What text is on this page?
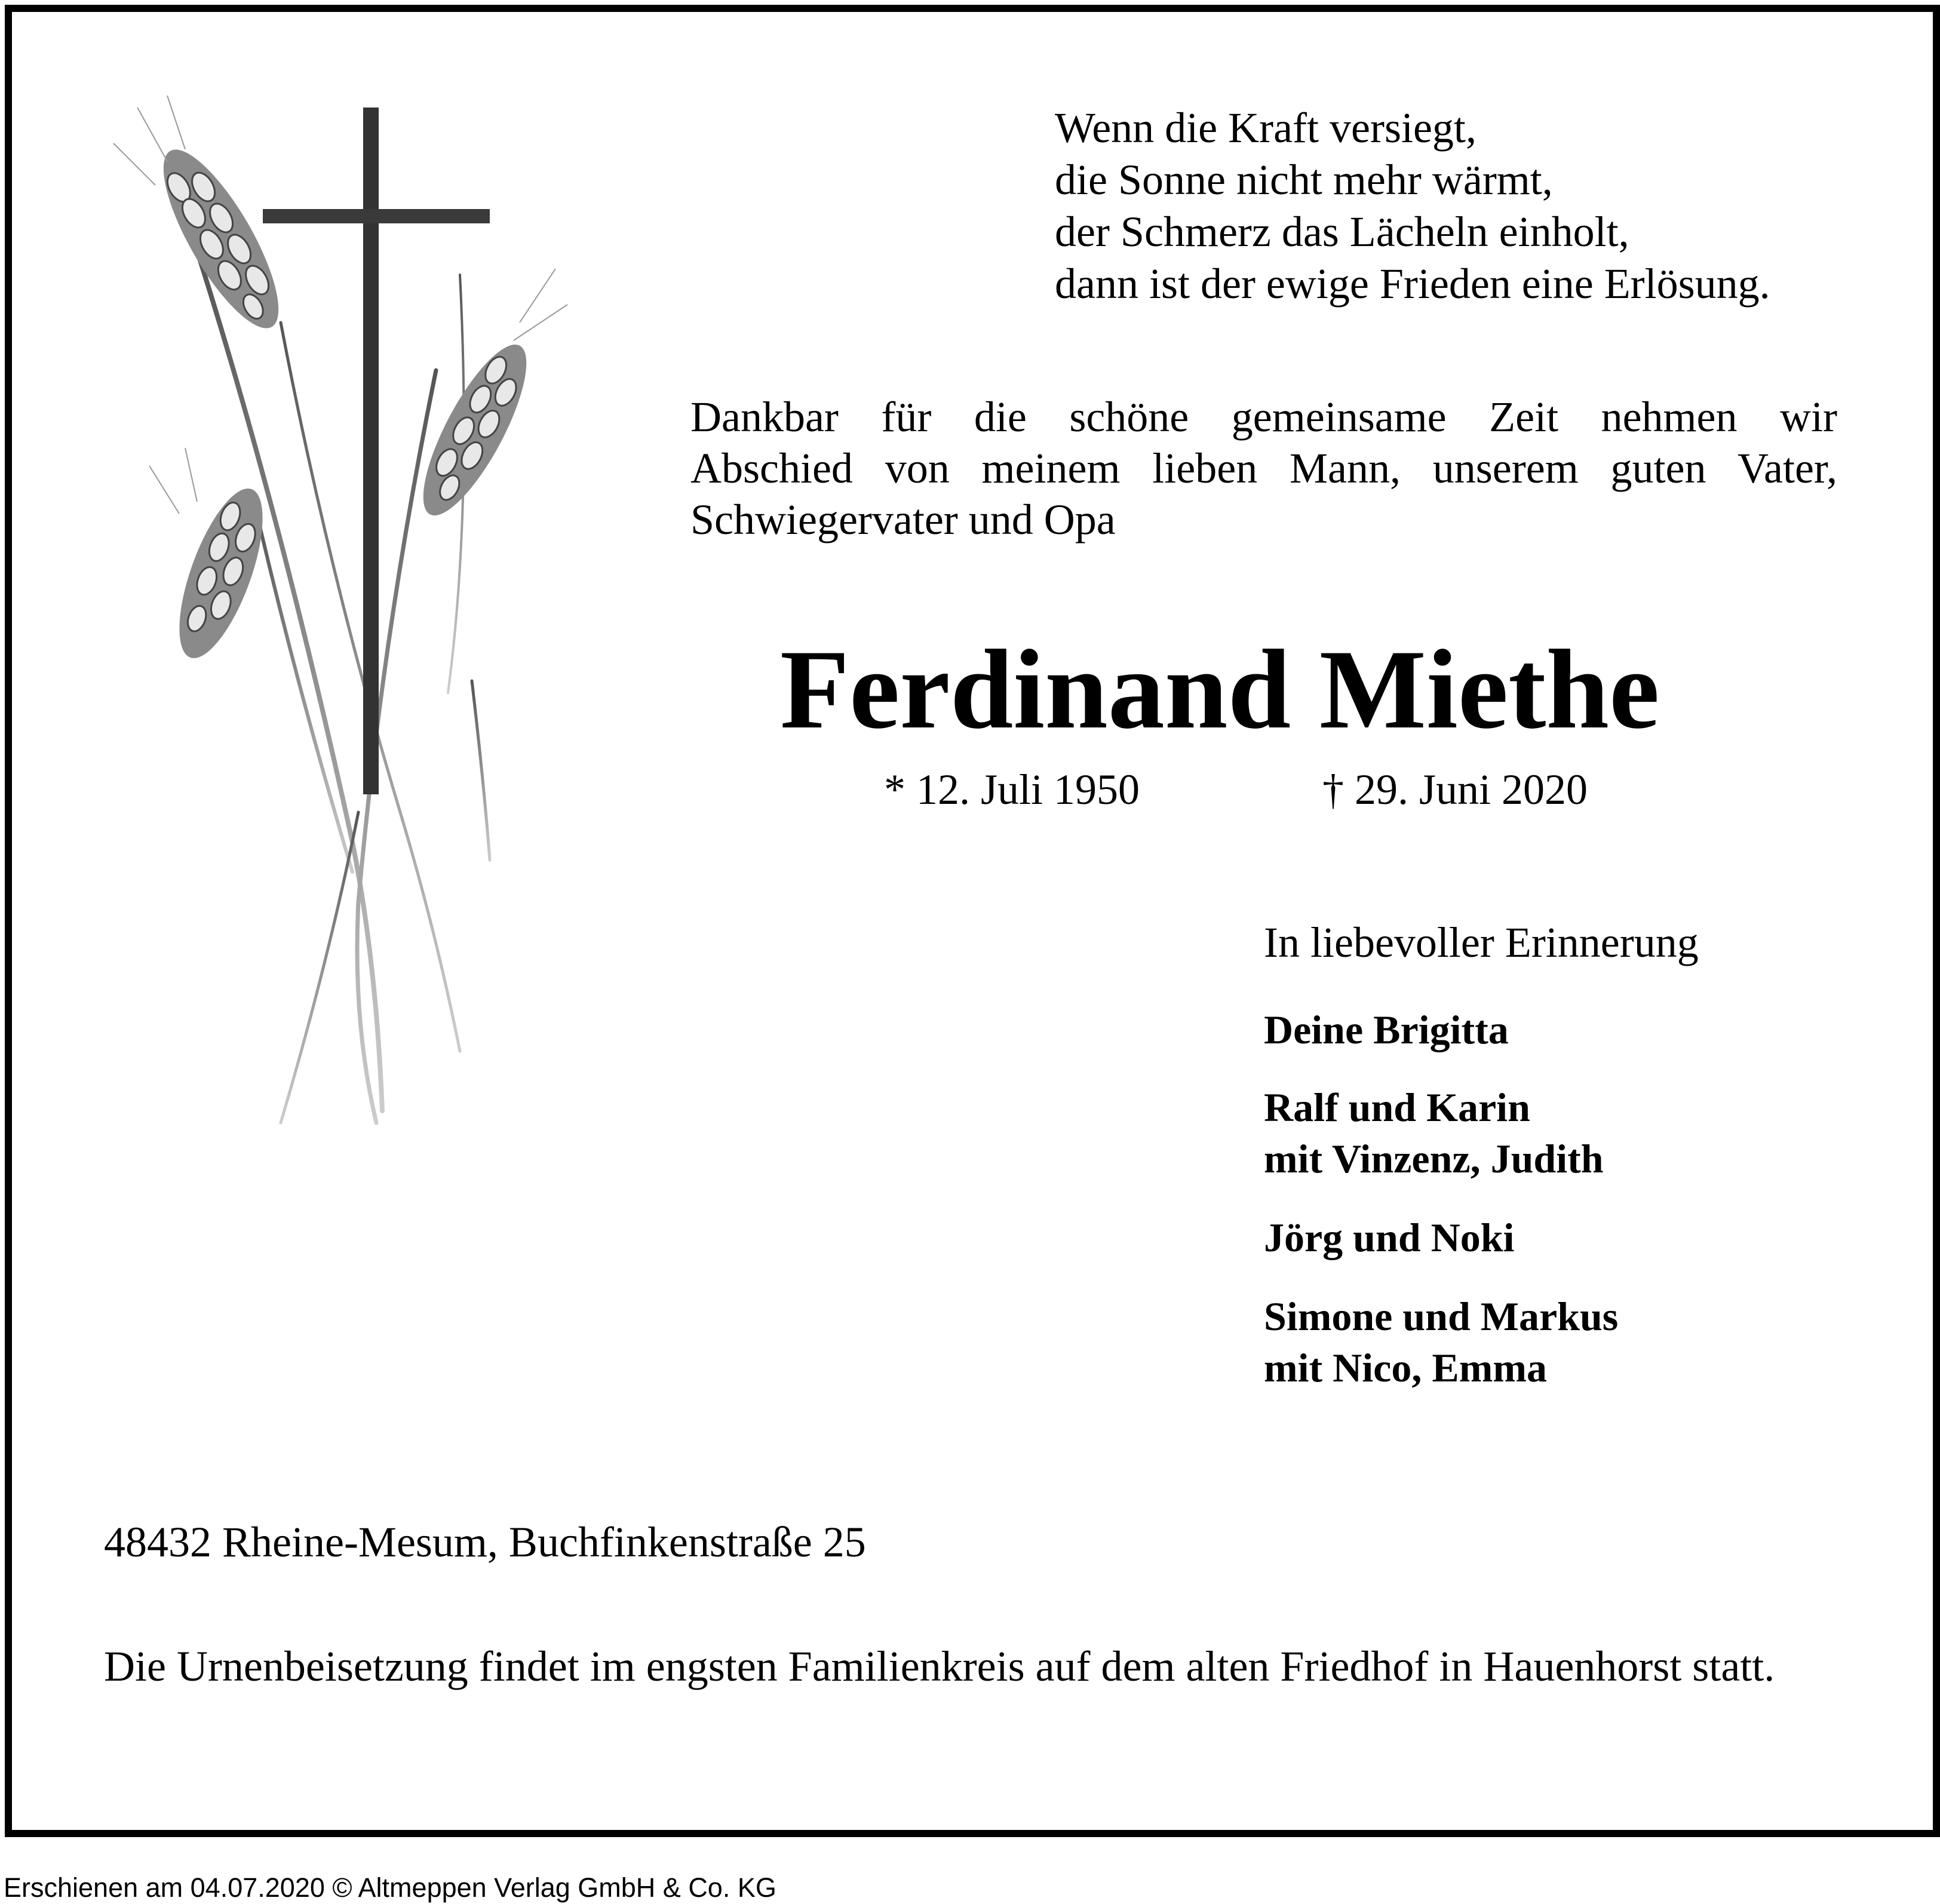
Wenn die Kraft versiegt,
die Sonne nicht mehr wärmt,
der Schmerz das Lächeln einholt,
dann ist der ewige Frieden eine Erlösung.
Dankbar für die schöne gemeinsame Zeit nehmen wir
Abschied von meinem lieben Mann, unserem guten Vater,
Schwiegervater und Opa
Ferdinand Miethe
* 12. Juli 1950	† 29. Juni 2020
In liebevoller Erinnerung
Deine Brigitta
Ralf und Karin
mit Vinzenz, Judith
Jörg und Noki
Simone und Markus
mit Nico, Emma
48432 Rheine-Mesum, Buchfinkenstraße 25
Die Urnenbeisetzung findet im engsten Familienkreis auf dem alten Friedhof in Hauenhorst statt.
Erschienen am 04.07.2020 © Altmeppen Verlag GmbH & Co. KG
